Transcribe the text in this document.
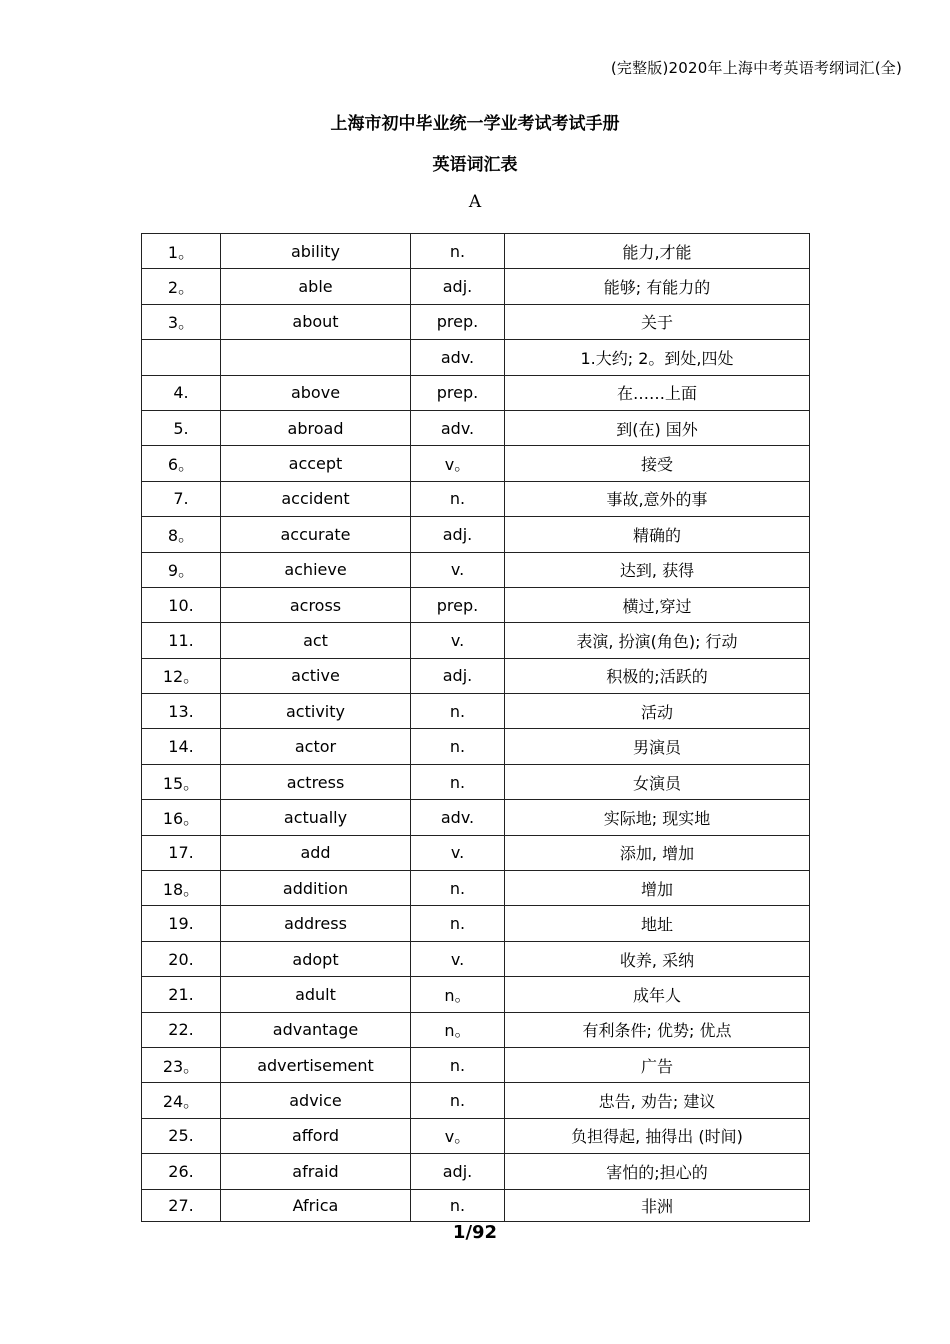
(完整版)2020年上海中考英语考纲词汇(全)
上海市初中毕业统一学业考试考试手册
英语词汇表
A
1。	ability	n.	能力,才能
2。	able	adj.	能够; 有能力的
3。	about	prep.	关于
		adv.	1.大约; 2。到处,四处
4.	above	prep.	在……上面
5.	abroad	adv.	到(在) 国外
6。	accept	v。	接受
7.	accident	n.	事故,意外的事
8。	accurate	adj.	精确的
9。	achieve	v.	达到, 获得
10.	across	prep.	横过,穿过
11.	act	v.	表演, 扮演(角色); 行动
12。	active	adj.	积极的;活跃的
13.	activity	n.	活动
14.	actor	n.	男演员
15。	actress	n.	女演员
16。	actually	adv.	实际地; 现实地
17.	add	v.	添加, 增加
18。	addition	n.	增加
19.	address	n.	地址
20.	adopt	v.	收养, 采纳
21.	adult	n。	成年人
22.	advantage	n。	有利条件; 优势; 优点
23。	advertisement	n.	广告
24。	advice	n.	忠告, 劝告; 建议
25.	afford	v。	负担得起, 抽得出 (时间)
26.	afraid	adj.	害怕的;担心的
27.	Africa	n.	非洲
1/92
